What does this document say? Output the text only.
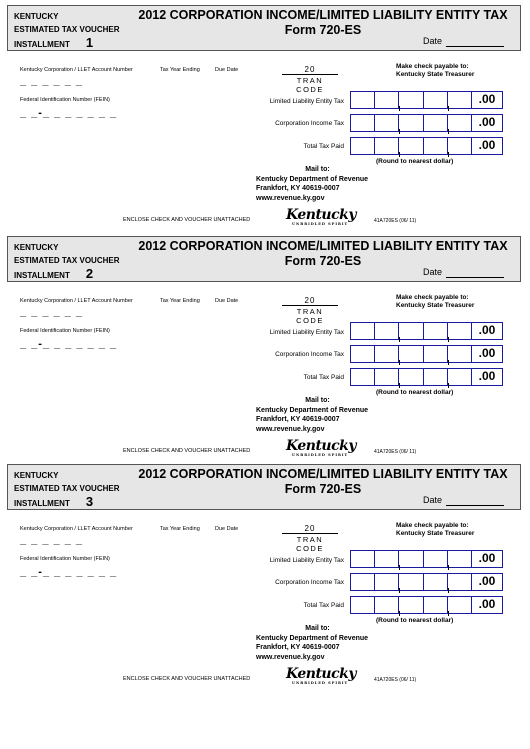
KENTUCKY
ESTIMATED TAX VOUCHER
INSTALLMENT 1
2012 CORPORATION INCOME/LIMITED LIABILITY ENTITY TAX
Form 720-ES
Date
Kentucky Corporation / LLET Account Number	Tax Year Ending	Due Date
_ _ _ _ _ _
20
TRAN CODE
Make check payable to:
Kentucky State Treasurer
Federal Identification Number (FEIN)
_ _-_ _ _ _ _ _ _
Limited Liability Entity Tax	.00
Corporation Income Tax	.00
Total Tax Paid	.00
(Round to nearest dollar)
Mail to:
Kentucky Department of Revenue
Frankfort, KY 40619-0007
www.revenue.ky.gov
ENCLOSE CHECK AND VOUCHER UNATTACHED	Kentucky
UNBRIDLED SPIRIT	41A720ES (06/ 11)
KENTUCKY
ESTIMATED TAX VOUCHER
INSTALLMENT 2
2012 CORPORATION INCOME/LIMITED LIABILITY ENTITY TAX
Form 720-ES
Date
Kentucky Corporation / LLET Account Number	Tax Year Ending	Due Date
_ _ _ _ _ _
20
TRAN CODE
Make check payable to:
Kentucky State Treasurer
Federal Identification Number (FEIN)
_ _-_ _ _ _ _ _ _
Limited Liability Entity Tax	.00
Corporation Income Tax	.00
Total Tax Paid	.00
(Round to nearest dollar)
Mail to:
Kentucky Department of Revenue
Frankfort, KY 40619-0007
www.revenue.ky.gov
ENCLOSE CHECK AND VOUCHER UNATTACHED	Kentucky
UNBRIDLED SPIRIT	41A720ES (06/ 11)
KENTUCKY
ESTIMATED TAX VOUCHER
INSTALLMENT 3
2012 CORPORATION INCOME/LIMITED LIABILITY ENTITY TAX
Form 720-ES
Date
Kentucky Corporation / LLET Account Number	Tax Year Ending	Due Date
_ _ _ _ _ _
20
TRAN CODE
Make check payable to:
Kentucky State Treasurer
Federal Identification Number (FEIN)
_ _-_ _ _ _ _ _ _
Limited Liability Entity Tax	.00
Corporation Income Tax	.00
Total Tax Paid	.00
(Round to nearest dollar)
Mail to:
Kentucky Department of Revenue
Frankfort, KY 40619-0007
www.revenue.ky.gov
ENCLOSE CHECK AND VOUCHER UNATTACHED	Kentucky
UNBRIDLED SPIRIT	41A720ES (06/ 11)
